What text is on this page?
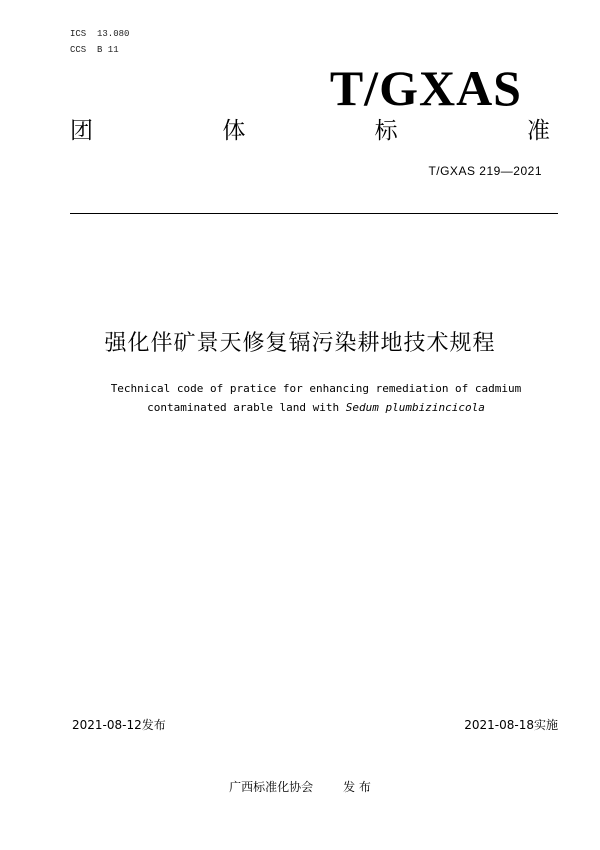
ICS  13.080
CCS  B 11
T/GXAS
团	体	标	准
T/GXAS 219—2021
强化伴矿景天修复镉污染耕地技术规程
Technical code of pratice for enhancing remediation of cadmium
contaminated arable land with Sedum plumbizincicola
2021-08-12发布	2021-08-18实施
广西标准化协会	发 布
